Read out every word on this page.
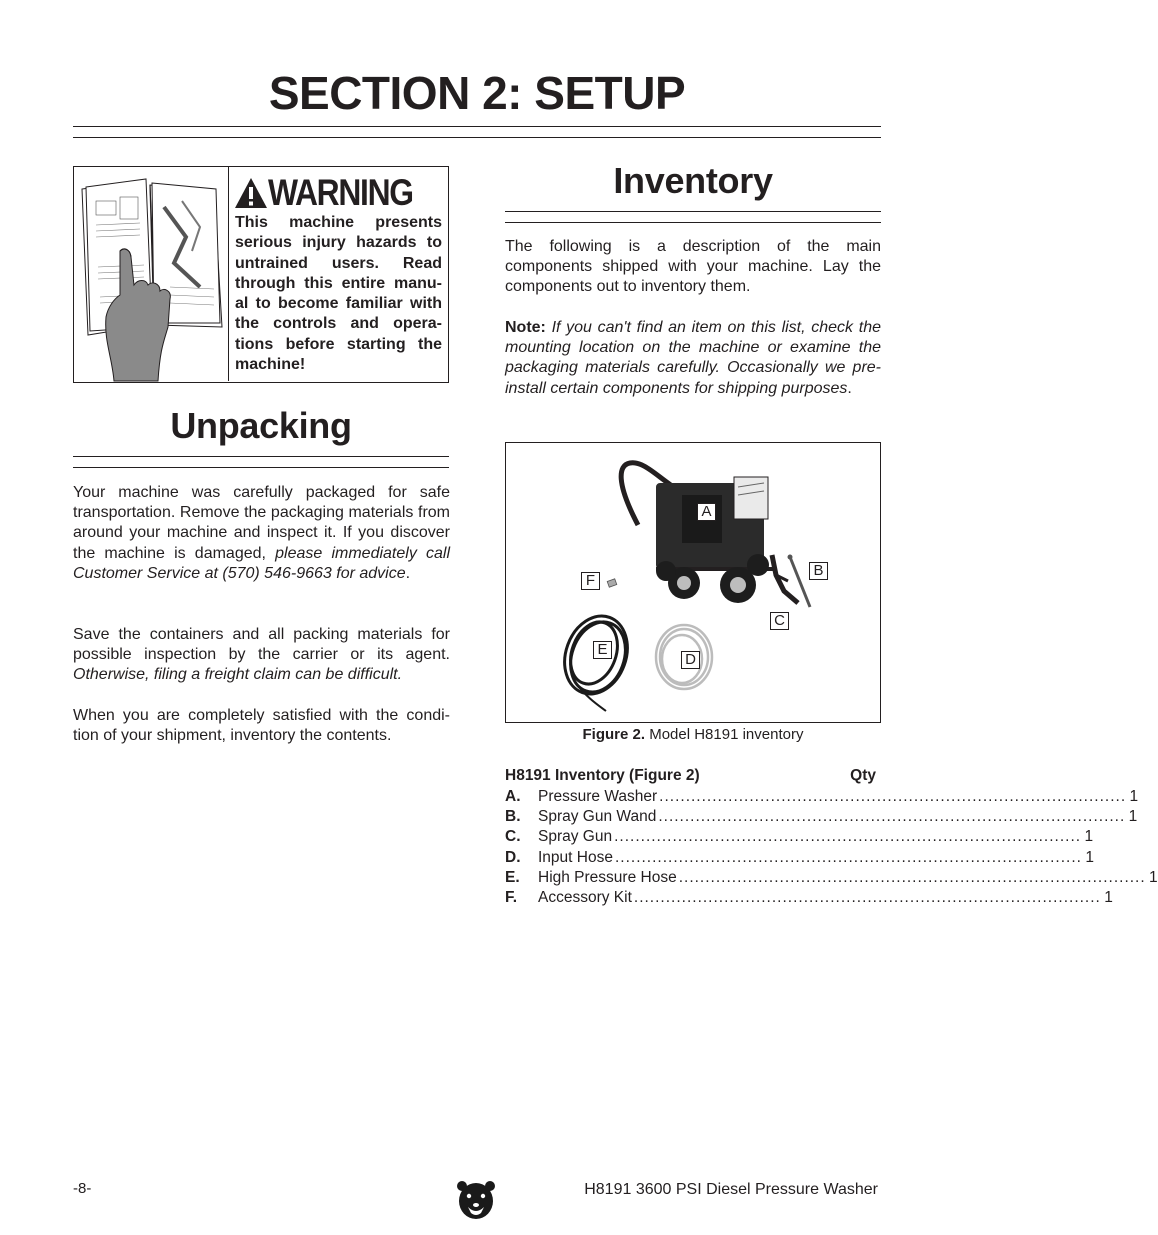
SECTION 2: SETUP
WARNING
This machine presents serious injury hazards to untrained users. Read through this entire manu-al to become familiar with the controls and opera-tions before starting the machine!
Unpacking
Your machine was carefully packaged for safe transportation. Remove the packaging materials from around your machine and inspect it. If you discover the machine is damaged, please immediately call Customer Service at (570) 546-9663 for advice.
Save the containers and all packing materials for possible inspection by the carrier or its agent. Otherwise, filing a freight claim can be difficult.
When you are completely satisfied with the condi-tion of your shipment, inventory the contents.
Inventory
The following is a description of the main components shipped with your machine. Lay the components out to inventory them.
Note: If you can't find an item on this list, check the mounting location on the machine or examine the packaging materials carefully. Occasionally we pre-install certain components for shipping purposes.
A
B
C
D
E
F
Figure 2. Model H8191 inventory
H8191 Inventory (Figure 2)	Qty
A.	Pressure Washer ........................................................................................ 1
B.	Spray Gun Wand ........................................................................................ 1
C.	Spray Gun ........................................................................................ 1
D.	Input Hose ........................................................................................ 1
E.	High Pressure Hose ........................................................................................ 1
F.	Accessory Kit ........................................................................................ 1
-8-	H8191 3600 PSI Diesel Pressure Washer
